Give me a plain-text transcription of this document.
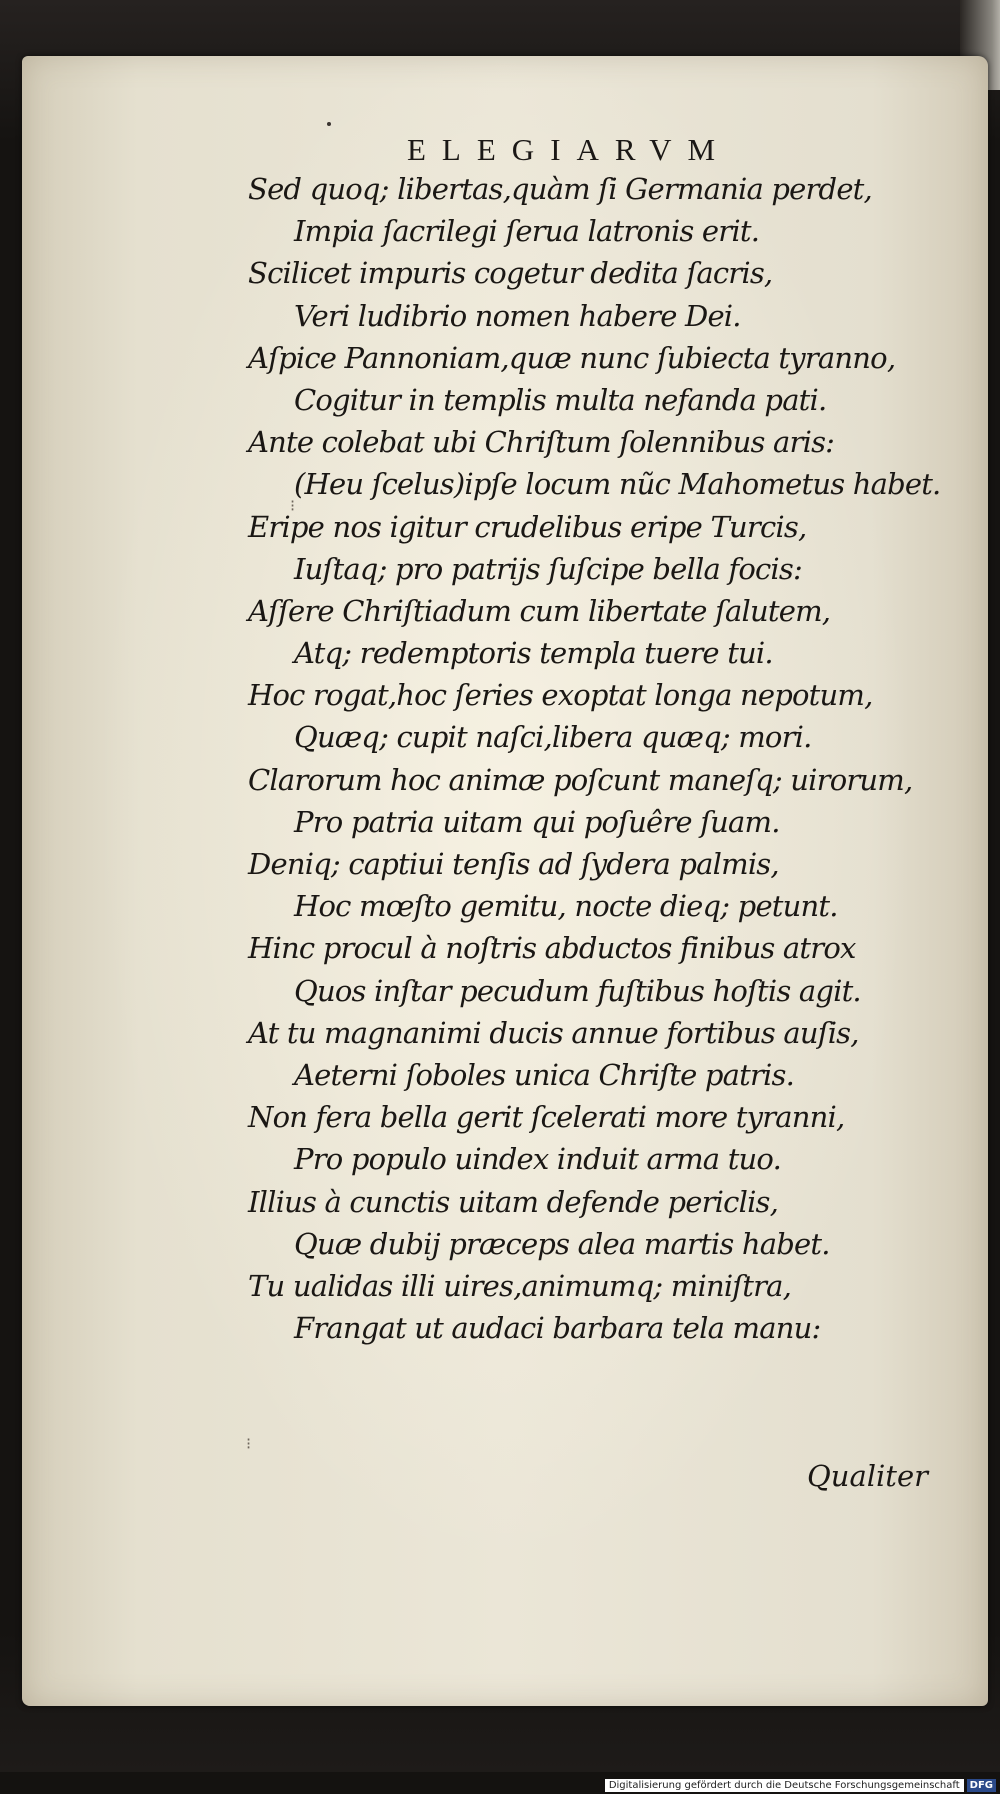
ELEGIARVM
Sed quoq; libertas,quàm ſi Germania perdet,
Impia ſacrilegi ſerua latronis erit.
Scilicet impuris cogetur dedita ſacris,
Veri ludibrio nomen habere Dei.
Aſpice Pannoniam,quæ nunc ſubiecta tyranno,
Cogitur in templis multa nefanda pati.
Ante colebat ubi Chriſtum ſolennibus aris:
(Heu ſcelus)ipſe locum nũc Mahometus habet.
Eripe nos igitur crudelibus eripe Turcis,
Iuſtaq; pro patrijs ſuſcipe bella focis:
Aſſere Chriſtiadum cum libertate ſalutem,
Atq; redemptoris templa tuere tui.
Hoc rogat,hoc ſeries exoptat longa nepotum,
Quæq; cupit naſci,libera quæq; mori.
Clarorum hoc animæ poſcunt maneſq; uirorum,
Pro patria uitam qui poſuêre ſuam.
Deniq; captiui tenſis ad ſydera palmis,
Hoc mœſto gemitu, nocte dieq; petunt.
Hinc procul à noſtris abductos finibus atrox
Quos inſtar pecudum fuſtibus hoſtis agit.
At tu magnanimi ducis annue fortibus auſis,
Aeterni ſoboles unica Chriſte patris.
Non fera bella gerit ſcelerati more tyranni,
Pro populo uindex induit arma tuo.
Illius à cunctis uitam defende periclis,
Quæ dubij præceps alea martis habet.
Tu ualidas illi uires,animumq; miniſtra,
Frangat ut audaci barbara tela manu:
Qualiter
⁝
⁝
Digitalisierung gefördert durch die Deutsche Forschungsgemeinschaft	DFG
